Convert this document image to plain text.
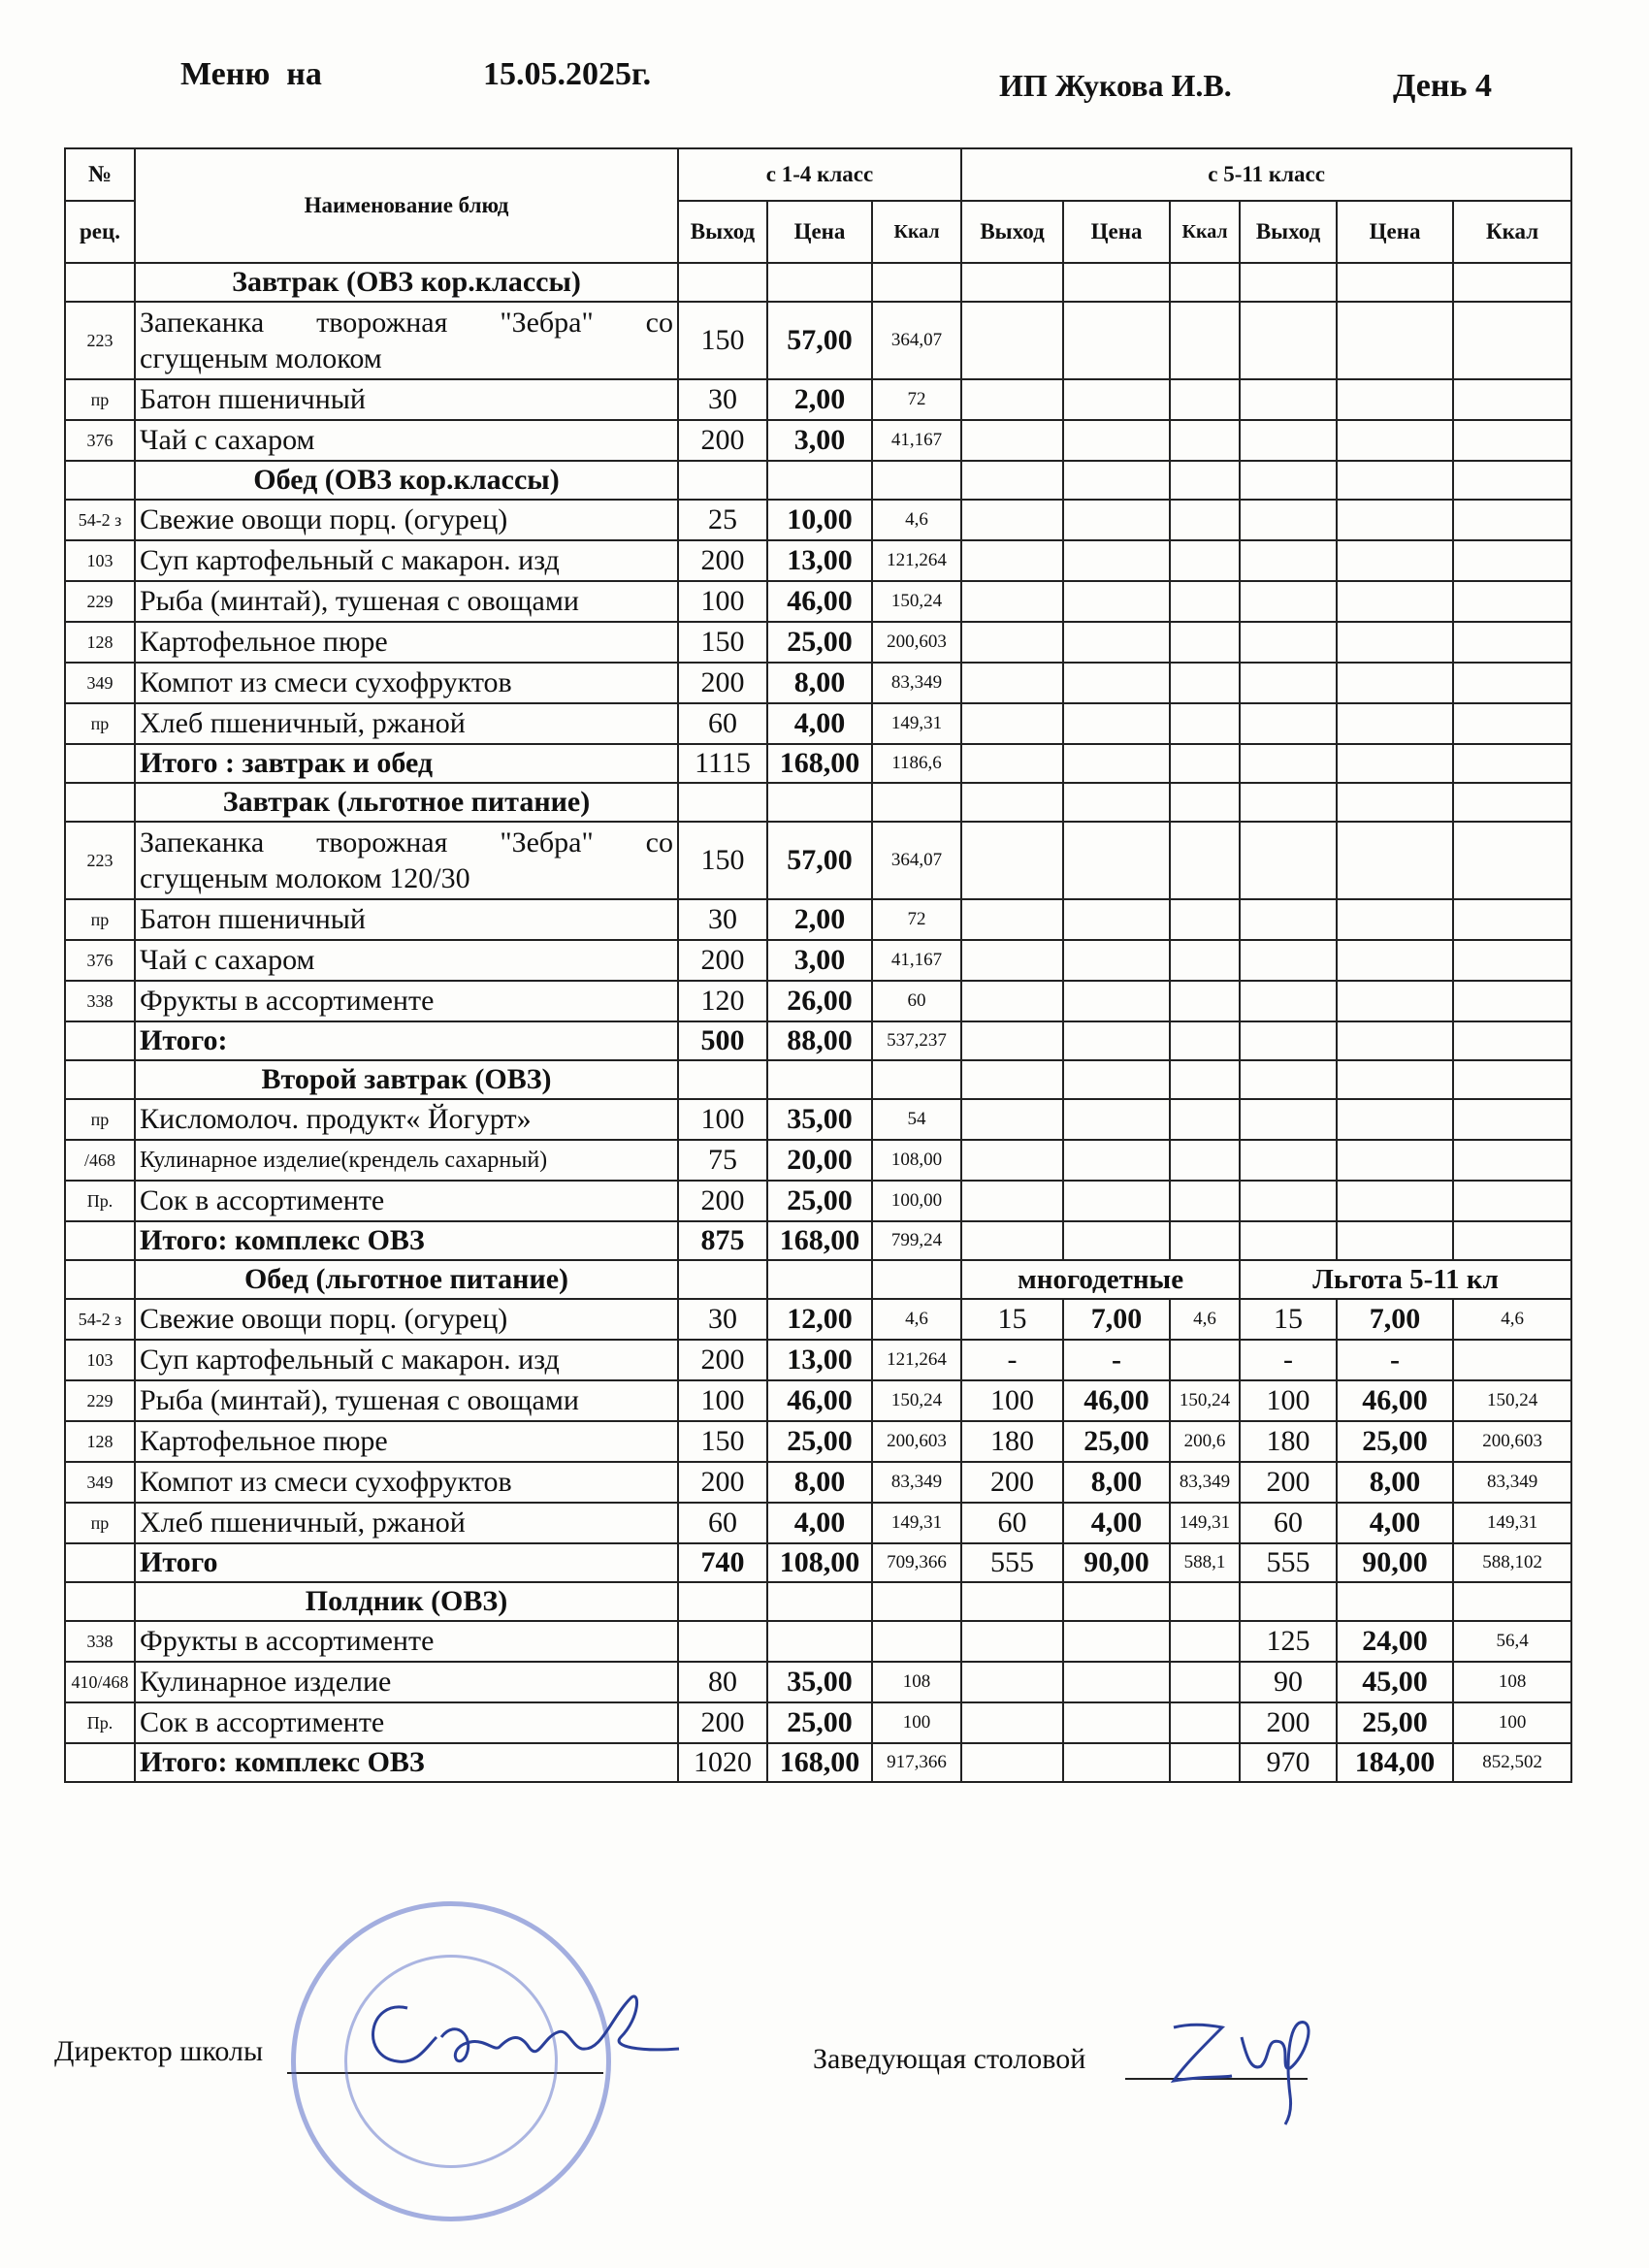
Меню  на	15.05.2025г.	ИП Жукова И.В.	День 4
№	Наименование блюд	с 1-4 класс			с 5-11 класс					
рец.		Выход	Цена	Ккал	Выход	Цена	Ккал	Выход	Цена	Ккал
	Завтрак (ОВЗ кор.классы)									
223	Запеканка творожная "Зебра" со сгущеным молоком	150	57,00	364,07						
пр	Батон пшеничный	30	2,00	72						
376	Чай с сахаром	200	3,00	41,167						
	Обед (ОВЗ кор.классы)									
54-2 з	Свежие овощи порц. (огурец)	25	10,00	4,6						
103	Суп картофельный с макарон. изд	200	13,00	121,264						
229	Рыба (минтай), тушеная с овощами	100	46,00	150,24						
128	Картофельное пюре	150	25,00	200,603						
349	Компот из смеси сухофруктов	200	8,00	83,349						
пр	Хлеб пшеничный, ржаной	60	4,00	149,31						
	Итого : завтрак и обед	1115	168,00	1186,6						
	Завтрак (льготное питание)									
223	Запеканка творожная "Зебра" со сгущеным молоком 120/30	150	57,00	364,07						
пр	Батон пшеничный	30	2,00	72						
376	Чай с сахаром	200	3,00	41,167						
338	Фрукты в ассортименте	120	26,00	60						
	Итого:	500	88,00	537,237						
	Второй завтрак (ОВЗ)									
пр	Кисломолоч. продукт« Йогурт»	100	35,00	54						
/468	Кулинарное изделие(крендель сахарный)	75	20,00	108,00						
Пр.	Сок в ассортименте	200	25,00	100,00						
	Итого: комплекс ОВЗ	875	168,00	799,24						
	Обед (льготное питание)				многодетные			Льгота 5-11 кл		
54-2 з	Свежие овощи порц. (огурец)	30	12,00	4,6	15	7,00	4,6	15	7,00	4,6
103	Суп картофельный с макарон. изд	200	13,00	121,264	-	-		-	-	
229	Рыба (минтай), тушеная с овощами	100	46,00	150,24	100	46,00	150,24	100	46,00	150,24
128	Картофельное пюре	150	25,00	200,603	180	25,00	200,6	180	25,00	200,603
349	Компот из смеси сухофруктов	200	8,00	83,349	200	8,00	83,349	200	8,00	83,349
пр	Хлеб пшеничный, ржаной	60	4,00	149,31	60	4,00	149,31	60	4,00	149,31
	Итого	740	108,00	709,366	555	90,00	588,1	555	90,00	588,102
	Полдник (ОВЗ)									
338	Фрукты в ассортименте							125	24,00	56,4
410/468	Кулинарное изделие	80	35,00	108				90	45,00	108
Пр.	Сок в ассортименте	200	25,00	100				200	25,00	100
	Итого: комплекс ОВЗ	1020	168,00	917,366				970	184,00	852,502
Директор школы	Заведующая столовой
